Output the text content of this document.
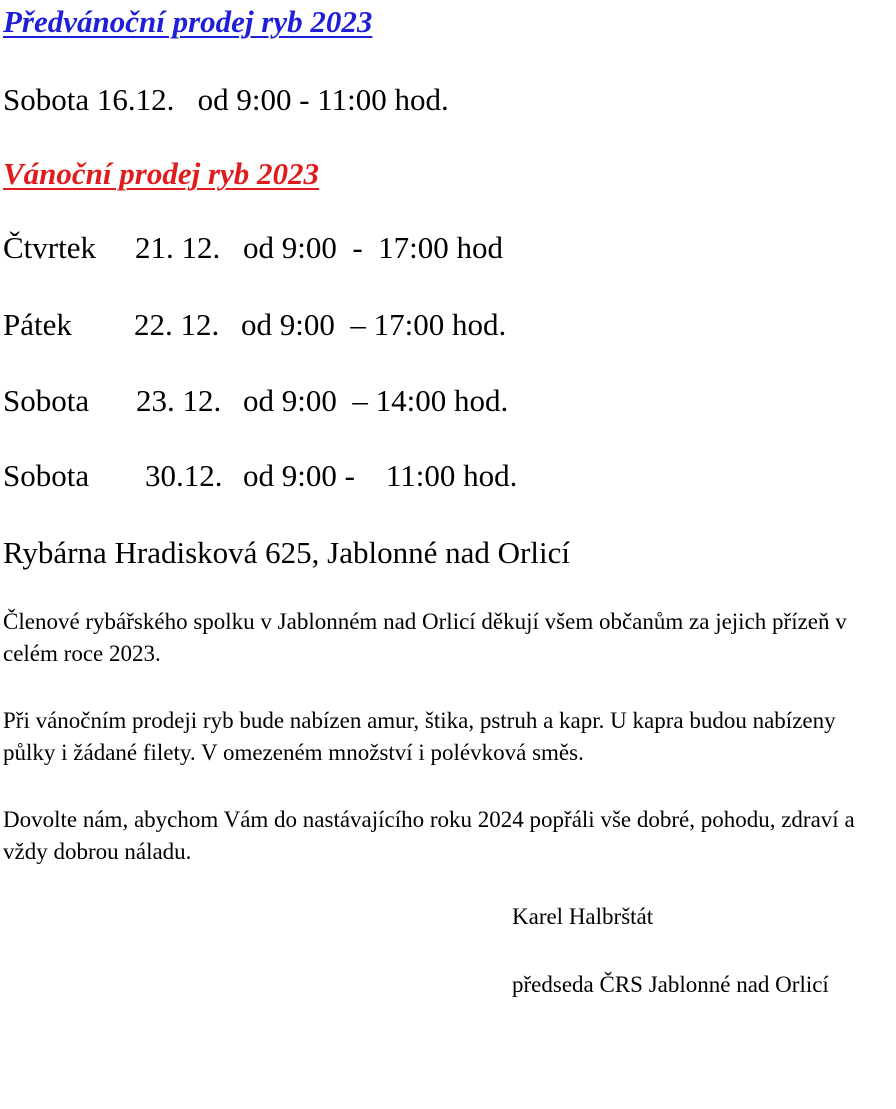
Předvánoční prodej ryb 2023
Sobota 16.12.   od 9:00 - 11:00 hod.
Vánoční prodej ryb 2023
Čtvrtek 21. 12. od 9:00  -  17:00 hod
Pátek 22. 12. od 9:00  – 17:00 hod.
Sobota 23. 12. od 9:00  – 14:00 hod.
Sobota 30.12. od 9:00 -    11:00 hod.
Rybárna Hradisková 625, Jablonné nad Orlicí
Členové rybářského spolku v Jablonném nad Orlicí děkují všem občanům za jejich přízeň v celém roce 2023.
Při vánočním prodeji ryb bude nabízen amur, štika, pstruh a kapr. U kapra budou nabízeny půlky i žádané filety. V omezeném množství i polévková směs.
Dovolte nám, abychom Vám do nastávajícího roku 2024 popřáli vše dobré, pohodu, zdraví a vždy dobrou náladu.
Karel Halbrštát
předseda ČRS Jablonné nad Orlicí
